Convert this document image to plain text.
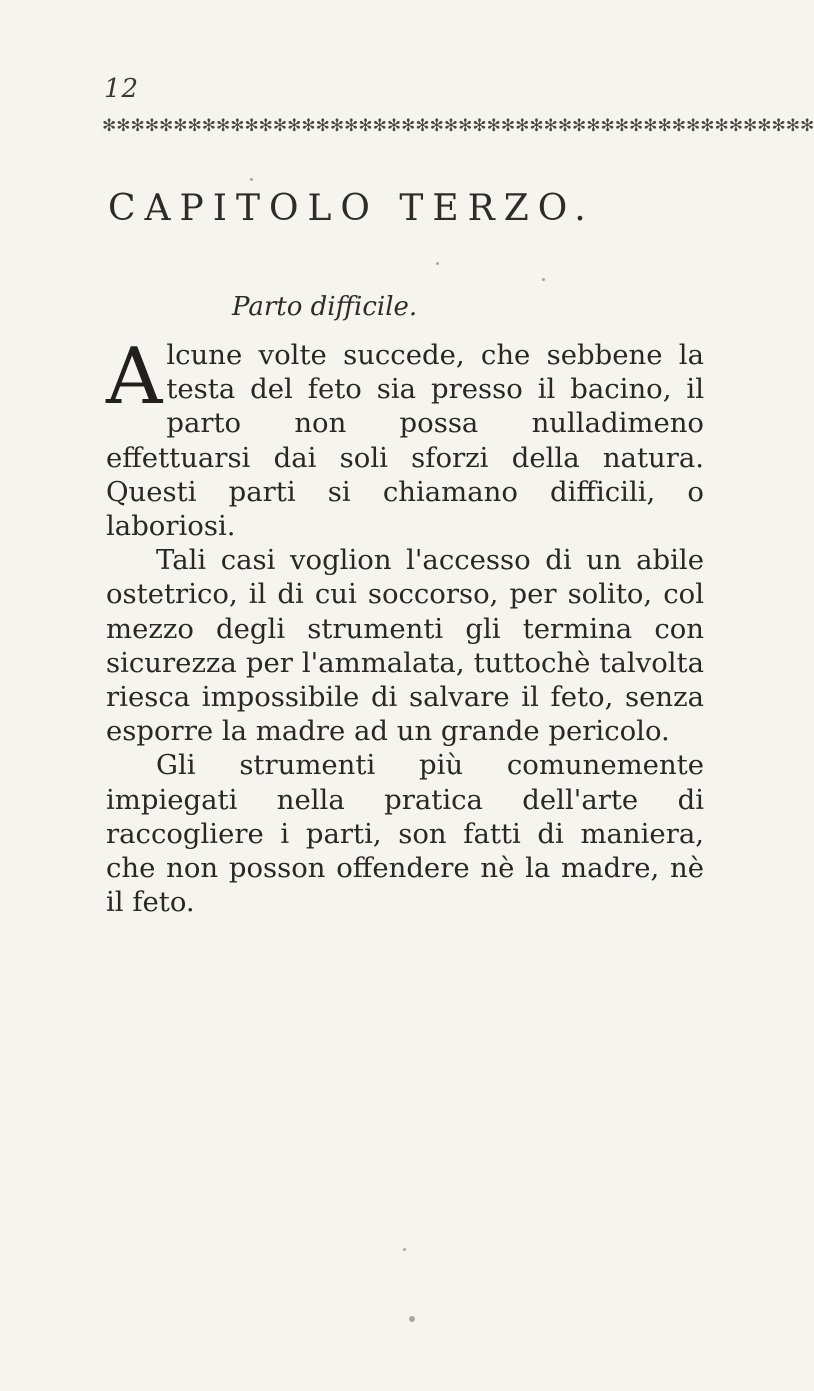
12
✻✻✻✻✻✻✻✻✻✻✻✻✻✻✻✻✻✻✻✻✻✻✻✻✻✻✻✻✻✻✻✻✻✻✻✻✻✻✻✻✻✻✻✻✻✻✻✻✻✻
CAPITOLO TERZO.
Parto difficile.

Alcune volte succede, che sebbene la testa del feto sia presso il bacino, il parto non possa nulladimeno effettuarsi dai soli sforzi della natura. Questi parti si chiamano difficili, o laboriosi.

Tali casi voglion l'accesso di un abile ostetrico, il di cui soccorso, per solito, col mezzo degli strumenti gli termina con sicurezza per l'ammalata, tuttochè talvolta riesca impossibile di salvare il feto, senza esporre la madre ad un grande pericolo.

Gli strumenti più comunemente impiegati nella pratica dell'arte di raccogliere i parti, son fatti di maniera, che non posson offendere nè la madre, nè il feto.
